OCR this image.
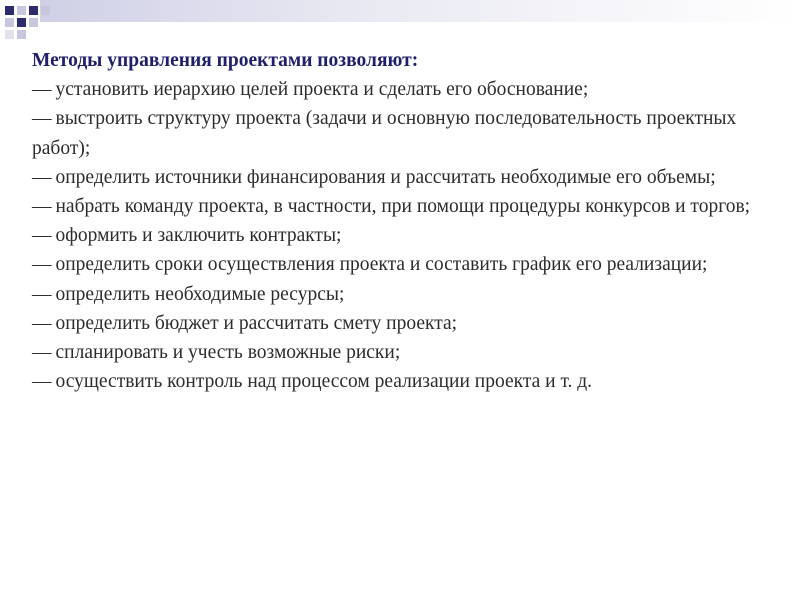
Методы управления проектами позволяют:

— установить иерархию целей проекта и сделать его обоснование;

— выстроить структуру проекта (задачи и основную последовательность проектных работ);

— определить источники финансирования и рассчитать необходимые его объемы;

— набрать команду проекта, в частности, при помощи процедуры конкурсов и торгов;

— оформить и заключить контракты;

— определить сроки осуществления проекта и составить график его реализации;

— определить необходимые ресурсы;

— определить бюджет и рассчитать смету проекта;

— спланировать и учесть возможные риски;

— осуществить контроль над процессом реализации проекта и т. д.
